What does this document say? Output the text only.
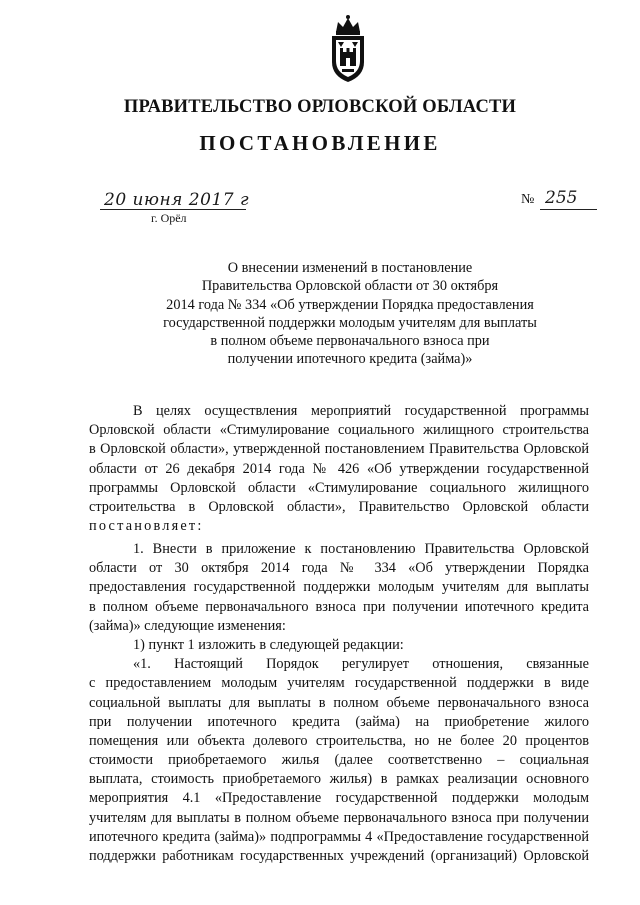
ПРАВИТЕЛЬСТВО ОРЛОВСКОЙ ОБЛАСТИ
ПОСТАНОВЛЕНИЕ
20 июня 2017 г
г. Орёл
№ 255
О внесении изменений в постановление
Правительства Орловской области от 30 октября
2014 года № 334 «Об утверждении Порядка предоставления
государственной поддержки молодым учителям для выплаты
в полном объеме первоначального взноса при
получении ипотечного кредита (займа)»
В целях осуществления мероприятий государственной программы
Орловской области «Стимулирование социального жилищного строительства
в Орловской области», утвержденной постановлением Правительства Орловской
области от 26 декабря 2014 года № 426 «Об утверждении государственной
программы Орловской области «Стимулирование социального жилищного
строительства в Орловской области», Правительство Орловской области
постановляет:
1. Внести в приложение к постановлению Правительства Орловской
области от 30 октября 2014 года № 334 «Об утверждении Порядка
предоставления государственной поддержки молодым учителям для выплаты
в полном объеме первоначального взноса при получении ипотечного кредита
(займа)» следующие изменения:
1) пункт 1 изложить в следующей редакции:
«1. Настоящий Порядок регулирует отношения, связанные
с предоставлением молодым учителям государственной поддержки в виде
социальной выплаты для выплаты в полном объеме первоначального взноса
при получении ипотечного кредита (займа) на приобретение жилого
помещения или объекта долевого строительства, но не более 20 процентов
стоимости приобретаемого жилья (далее соответственно – социальная
выплата, стоимость приобретаемого жилья) в рамках реализации основного
мероприятия 4.1 «Предоставление государственной поддержки молодым
учителям для выплаты в полном объеме первоначального взноса при получении
ипотечного кредита (займа)» подпрограммы 4 «Предоставление государственной
поддержки работникам государственных учреждений (организаций) Орловской
